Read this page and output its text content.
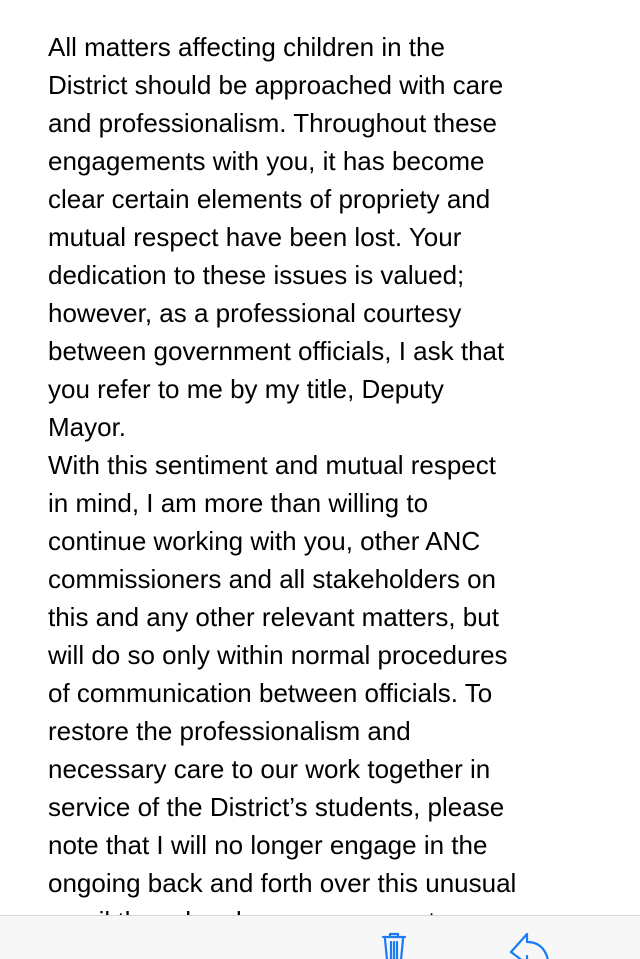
All matters affecting children in the
District should be approached with care
and professionalism. Throughout these
engagements with you, it has become
clear certain elements of propriety and
mutual respect have been lost. Your
dedication to these issues is valued;
however, as a professional courtesy
between government officials, I ask that
you refer to me by my title, Deputy
Mayor.
With this sentiment and mutual respect
in mind, I am more than willing to
continue working with you, other ANC
commissioners and all stakeholders on
this and any other relevant matters, but
will do so only within normal procedures
of communication between officials. To
restore the professionalism and
necessary care to our work together in
service of the District’s students, please
note that I will no longer engage in the
ongoing back and forth over this unusual
